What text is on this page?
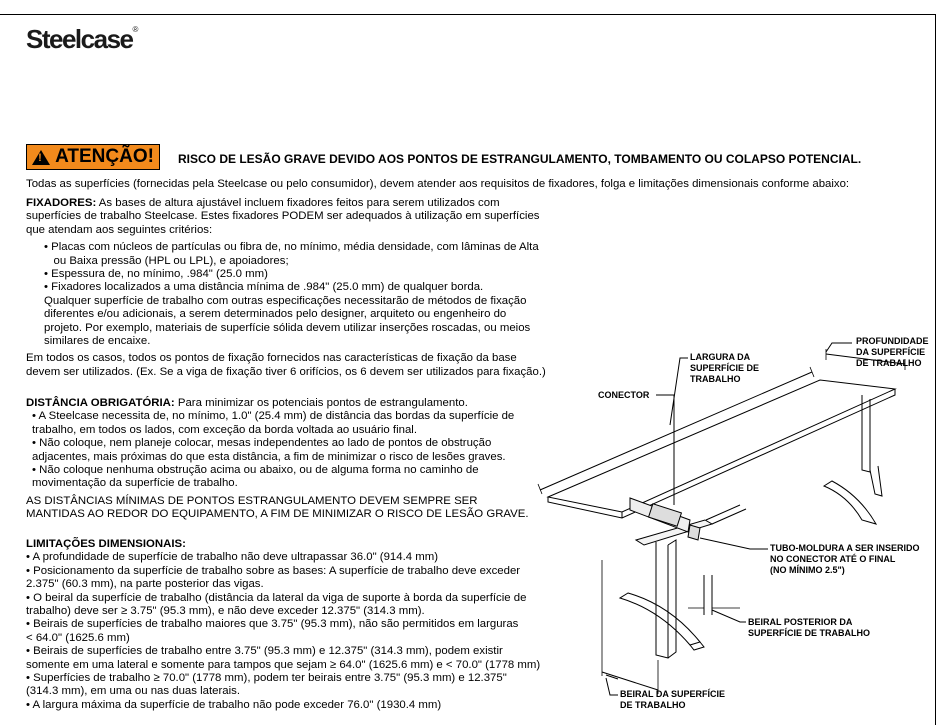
Steelcase®
!
ATENÇÃO! RISCO DE LESÃO GRAVE DEVIDO AOS PONTOS DE ESTRANGULAMENTO, TOMBAMENTO OU COLAPSO POTENCIAL.
Todas as superfícies (fornecidas pela Steelcase ou pelo consumidor), devem atender aos requisitos de fixadores, folga e limitações dimensionais conforme abaixo:
FIXADORES: As bases de altura ajustável incluem fixadores feitos para serem utilizados com
superfícies de trabalho Steelcase. Estes fixadores PODEM ser adequados à utilização em superfícies
que atendam aos seguintes critérios:
• Placas com núcleos de partículas ou fibra de, no mínimo, média densidade, com lâminas de Alta
ou Baixa pressão (HPL ou LPL), e apoiadores;
• Espessura de, no mínimo, .984" (25.0 mm)
• Fixadores localizados a uma distância mínima de .984" (25.0 mm) de qualquer borda.
Qualquer superfície de trabalho com outras especificações necessitarão de métodos de fixação
diferentes e/ou adicionais, a serem determinados pelo designer, arquiteto ou engenheiro do
projeto. Por exemplo, materiais de superfície sólida devem utilizar inserções roscadas, ou meios
similares de encaixe.
Em todos os casos, todos os pontos de fixação fornecidos nas características de fixação da base
devem ser utilizados. (Ex. Se a viga de fixação tiver 6 orifícios, os 6 devem ser utilizados para fixação.)
DISTÂNCIA OBRIGATÓRIA: Para minimizar os potenciais pontos de estrangulamento.
• A Steelcase necessita de, no mínimo, 1.0" (25.4 mm) de distância das bordas da superfície de
trabalho, em todos os lados, com exceção da borda voltada ao usuário final.
• Não coloque, nem planeje colocar, mesas independentes ao lado de pontos de obstrução
adjacentes, mais próximas do que esta distância, a fim de minimizar o risco de lesões graves.
• Não coloque nenhuma obstrução acima ou abaixo, ou de alguma forma no caminho de
movimentação da superfície de trabalho.
AS DISTÂNCIAS MÍNIMAS DE PONTOS ESTRANGULAMENTO DEVEM SEMPRE SER
MANTIDAS AO REDOR DO EQUIPAMENTO, A FIM DE MINIMIZAR O RISCO DE LESÃO GRAVE.
LIMITAÇÕES DIMENSIONAIS:
• A profundidade de superfície de trabalho não deve ultrapassar 36.0" (914.4 mm)
• Posicionamento da superfície de trabalho sobre as bases: A superfície de trabalho deve exceder
2.375" (60.3 mm), na parte posterior das vigas.
• O beiral da superfície de trabalho (distância da lateral da viga de suporte à borda da superfície de
trabalho) deve ser ≥ 3.75" (95.3 mm), e não deve exceder 12.375" (314.3 mm).
• Beirais de superfícies de trabalho maiores que 3.75" (95.3 mm), não são permitidos em larguras
< 64.0" (1625.6 mm)
• Beirais de superfícies de trabalho entre 3.75" (95.3 mm) e 12.375" (314.3 mm), podem existir
somente em uma lateral e somente para tampos que sejam ≥ 64.0" (1625.6 mm) e < 70.0" (1778 mm)
• Superfícies de trabalho ≥ 70.0" (1778 mm), podem ter beirais entre 3.75" (95.3 mm) e 12.375"
(314.3 mm), em uma ou nas duas laterais.
• A largura máxima da superfície de trabalho não pode exceder 76.0" (1930.4 mm)
PROFUNDIDADE
DA SUPERFÍCIE
DE TRABALHO
LARGURA DA
SUPERFÍCIE DE
TRABALHO
CONECTOR
TUBO-MOLDURA A SER INSERIDO
NO CONECTOR ATÉ O FINAL
(NO MÍNIMO 2.5")
BEIRAL POSTERIOR DA
SUPERFÍCIE DE TRABALHO
BEIRAL DA SUPERFÍCIE
DE TRABALHO
